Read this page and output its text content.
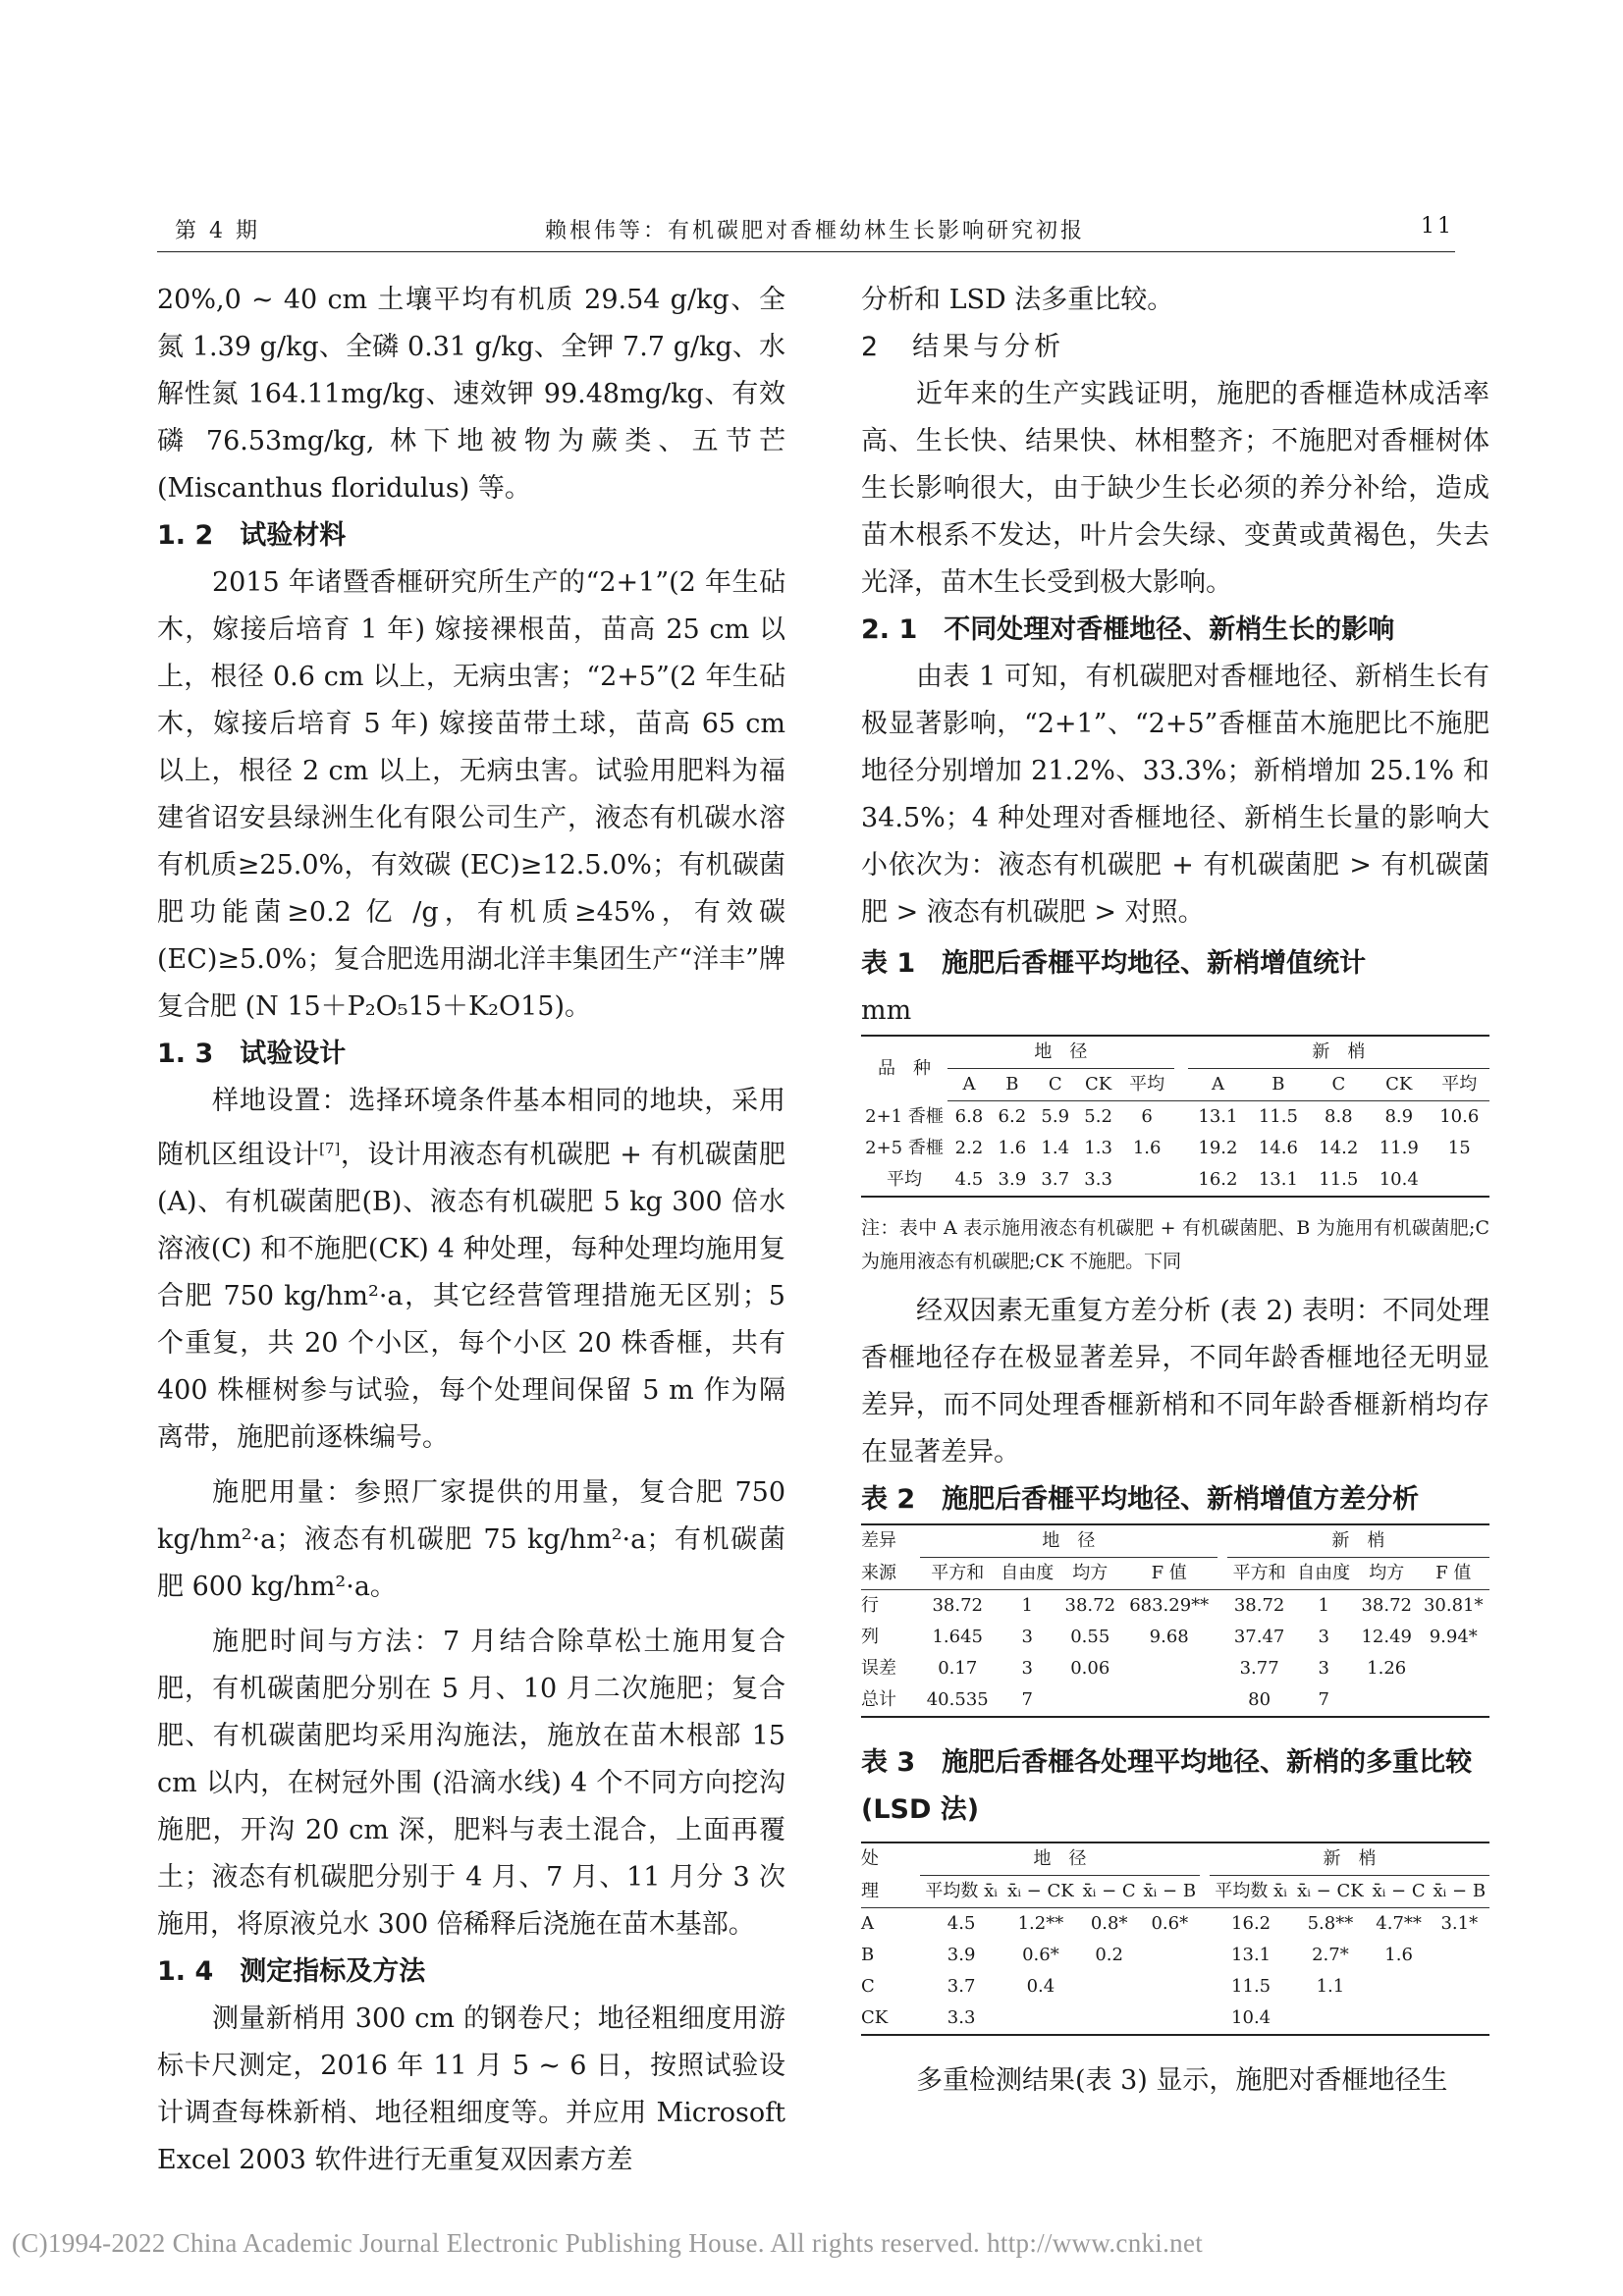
第 4 期	赖根伟等：有机碳肥对香榧幼林生长影响研究初报	11

20%,0 ~ 40 cm 土壤平均有机质 29.54 g/kg、全氮 1.39 g/kg、全磷 0.31 g/kg、全钾 7.7 g/kg、水解性氮 164.11mg/kg、速效钾 99.48mg/kg、有效磷 76.53mg/kg, 林下地被物为蕨类、五节芒(Miscanthus floridulus) 等。

1. 2　试验材料

2015 年诸暨香榧研究所生产的“2+1”(2 年生砧木，嫁接后培育 1 年) 嫁接裸根苗，苗高 25 cm 以上，根径 0.6 cm 以上，无病虫害；“2+5”(2 年生砧木，嫁接后培育 5 年) 嫁接苗带土球，苗高 65 cm 以上，根径 2 cm 以上，无病虫害。试验用肥料为福建省诏安县绿洲生化有限公司生产，液态有机碳水溶有机质≥25.0%，有效碳 (EC)≥12.5.0%；有机碳菌肥功能菌≥0.2 亿 /g，有机质≥45%，有效碳(EC)≥5.0%；复合肥选用湖北洋丰集团生产“洋丰”牌复合肥 (N 15＋P₂O₅15＋K₂O15)。

1. 3　试验设计

样地设置：选择环境条件基本相同的地块，采用随机区组设计[7]，设计用液态有机碳肥 + 有机碳菌肥(A)、有机碳菌肥(B)、液态有机碳肥 5 kg 300 倍水溶液(C) 和不施肥(CK) 4 种处理，每种处理均施用复合肥 750 kg/hm²·a，其它经营管理措施无区别；5 个重复，共 20 个小区，每个小区 20 株香榧，共有 400 株榧树参与试验，每个处理间保留 5 m 作为隔离带，施肥前逐株编号。

施肥用量：参照厂家提供的用量，复合肥 750 kg/hm²·a；液态有机碳肥 75 kg/hm²·a；有机碳菌肥 600 kg/hm²·a。

施肥时间与方法：7 月结合除草松土施用复合肥，有机碳菌肥分别在 5 月、10 月二次施肥；复合肥、有机碳菌肥均采用沟施法，施放在苗木根部 15 cm 以内，在树冠外围 (沿滴水线) 4 个不同方向挖沟施肥，开沟 20 cm 深，肥料与表土混合，上面再覆土；液态有机碳肥分别于 4 月、7 月、11 月分 3 次施用，将原液兑水 300 倍稀释后浇施在苗木基部。

1. 4　测定指标及方法

测量新梢用 300 cm 的钢卷尺；地径粗细度用游标卡尺测定，2016 年 11 月 5 ~ 6 日，按照试验设计调查每株新梢、地径粗细度等。并应用 Microsoft Excel 2003 软件进行无重复双因素方差

分析和 LSD 法多重比较。

2　结果与分析

近年来的生产实践证明，施肥的香榧造林成活率高、生长快、结果快、林相整齐；不施肥对香榧树体生长影响很大，由于缺少生长必须的养分补给，造成苗木根系不发达，叶片会失绿、变黄或黄褐色，失去光泽，苗木生长受到极大影响。

2. 1　不同处理对香榧地径、新梢生长的影响

由表 1 可知，有机碳肥对香榧地径、新梢生长有极显著影响，“2+1”、“2+5”香榧苗木施肥比不施肥地径分别增加 21.2%、33.3%；新梢增加 25.1% 和 34.5%；4 种处理对香榧地径、新梢生长量的影响大小依次为：液态有机碳肥 + 有机碳菌肥 > 有机碳菌肥 > 液态有机碳肥 > 对照。

表 1　施肥后香榧平均地径、新梢增值统计

mm

品　种	地　径						新　梢				
	A	B	C	CK	平均		A	B	C	CK	平均
2+1 香榧	6.8	6.2	5.9	5.2	6		13.1	11.5	8.8	8.9	10.6
2+5 香榧	2.2	1.6	1.4	1.3	1.6		19.2	14.6	14.2	11.9	15
平均	4.5	3.9	3.7	3.3			16.2	13.1	11.5	10.4	

注：表中 A 表示施用液态有机碳肥 + 有机碳菌肥、B 为施用有机碳菌肥;C 为施用液态有机碳肥;CK 不施肥。下同

经双因素无重复方差分析 (表 2) 表明：不同处理香榧地径存在极显著差异，不同年龄香榧地径无明显差异，而不同处理香榧新梢和不同年龄香榧新梢均存在显著差异。

表 2　施肥后香榧平均地径、新梢增值方差分析

差异	地　径					新　梢			
来源	平方和	自由度	均方	F 值		平方和	自由度	均方	F 值
行	38.72	1	38.72	683.29**		38.72	1	38.72	30.81*
列	1.645	3	0.55	9.68		37.47	3	12.49	9.94*
误差	0.17	3	0.06			3.77	3	1.26	
总计	40.535	7				80	7		

表 3　施肥后香榧各处理平均地径、新梢的多重比较

(LSD 法)

处	地　径					新　梢			
理	平均数 x̄ᵢ	x̄ᵢ − CK	x̄ᵢ − C	x̄ᵢ − B		平均数 x̄ᵢ	x̄ᵢ − CK	x̄ᵢ − C	x̄ᵢ − B
A	4.5	1.2**	0.8*	0.6*		16.2	5.8**	4.7**	3.1*
B	3.9	0.6*	0.2			13.1	2.7*	1.6	
C	3.7	0.4				11.5	1.1		
CK	3.3					10.4			

多重检测结果(表 3) 显示，施肥对香榧地径生

(C)1994-2022 China Academic Journal Electronic Publishing House. All rights reserved. http://www.cnki.net
